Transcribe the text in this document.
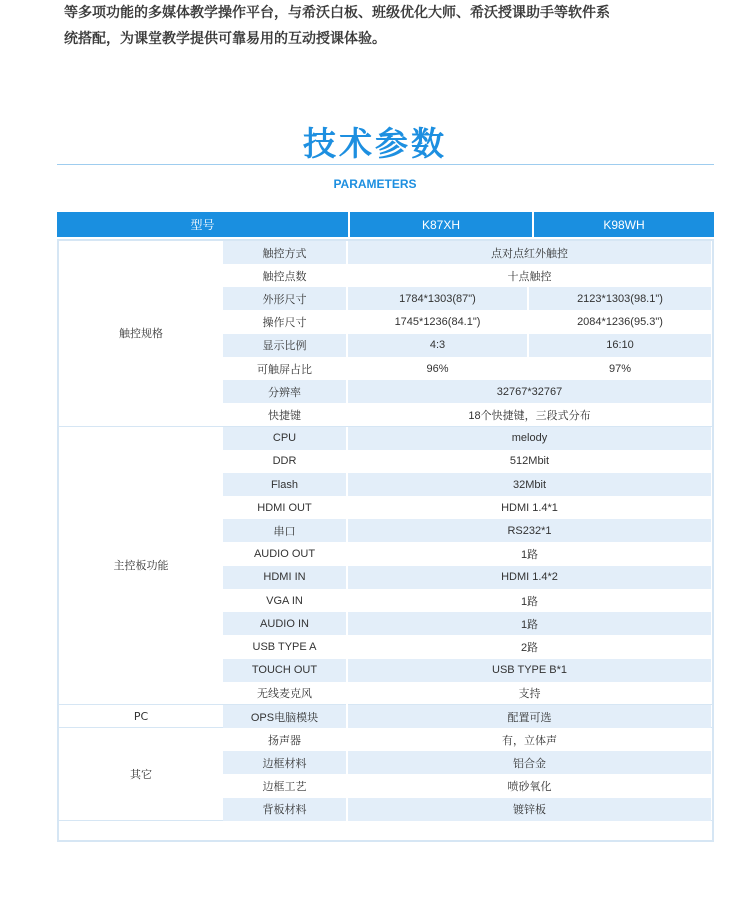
等多项功能的多媒体教学操作平台，与希沃白板、班级优化大师、希沃授课助手等软件系
统搭配，为课堂教学提供可靠易用的互动授课体验。
技术参数
PARAMETERS
型号	K87XH	K98WH
触控规格
触控方式	点对点红外触控
触控点数	十点触控
外形尺寸	1784*1303(87")	2123*1303(98.1")
操作尺寸	1745*1236(84.1")	2084*1236(95.3")
显示比例	4:3	16:10
可触屏占比	96%	97%
分辨率	32767*32767
快捷键	18个快捷键，三段式分布
主控板功能
CPU	melody
DDR	512Mbit
Flash	32Mbit
HDMI OUT	HDMI 1.4*1
串口	RS232*1
AUDIO OUT	1路
HDMI IN	HDMI 1.4*2
VGA IN	1路
AUDIO IN	1路
USB TYPE A	2路
TOUCH OUT	USB TYPE B*1
无线麦克风	支持
PC	OPS电脑模块	配置可选
其它
扬声器	有，立体声
边框材料	铝合金
边框工艺	喷砂氧化
背板材料	镀锌板
